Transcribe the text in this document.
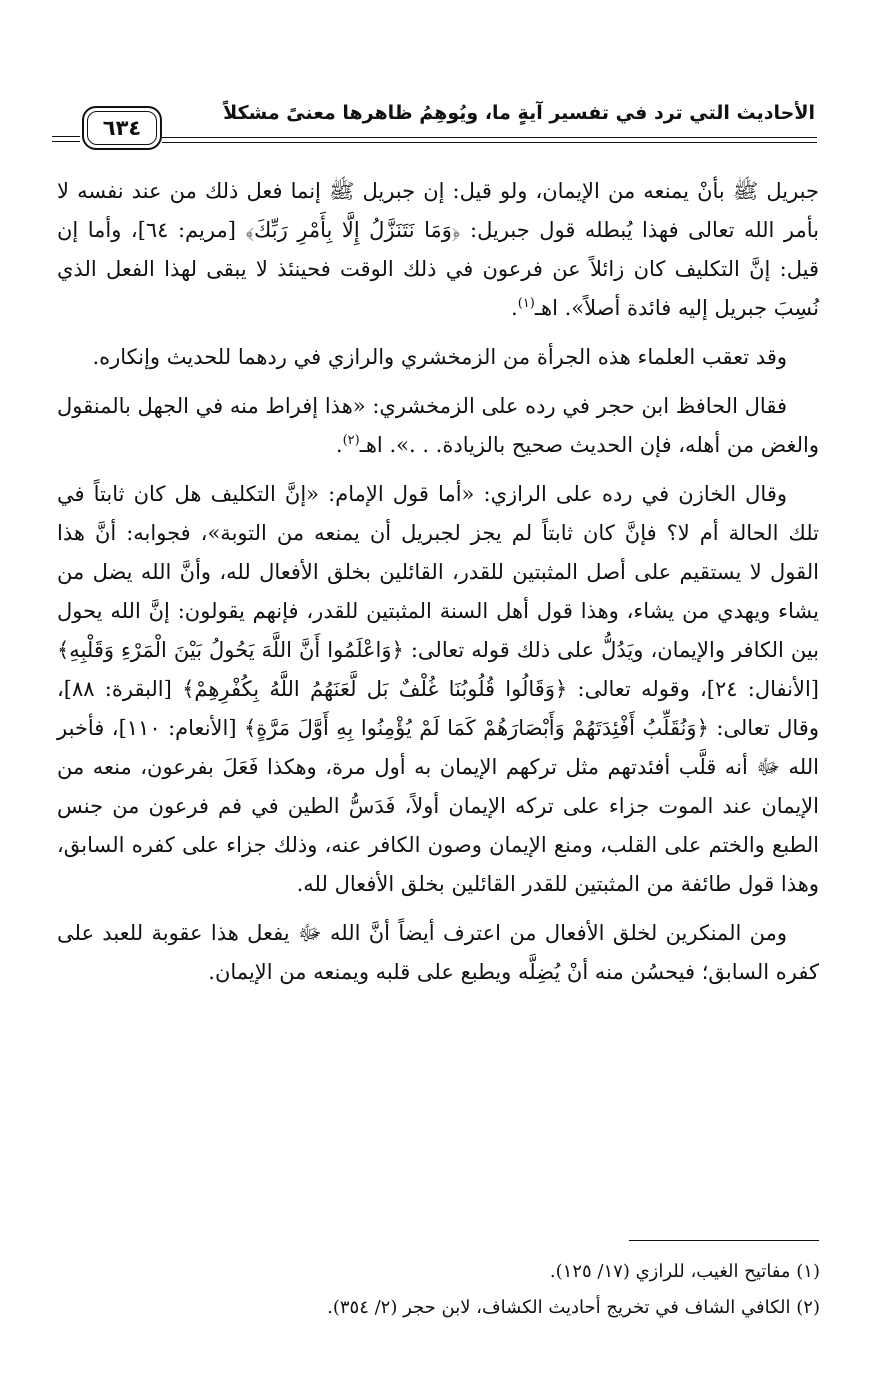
الأحاديث التي ترد في تفسير آيةٍ ما، ويُوهِمُ ظاهرها معنىً مشكلاً
٦٣٤

جبريل ﷺ بأنْ يمنعه من الإيمان، ولو قيل: إن جبريل ﷺ إنما فعل ذلك من عند نفسه لا بأمر الله تعالى فهذا يُبطله قول جبريل: ﴿وَمَا نَتَنَزَّلُ إِلَّا بِأَمْرِ رَبِّكَ﴾ [مريم: ٦٤]، وأما إن قيل: إنَّ التكليف كان زائلاً عن فرعون في ذلك الوقت فحينئذ لا يبقى لهذا الفعل الذي نُسِبَ جبريل إليه فائدة أصلاً». اهـ$^{(١)}$.

وقد تعقب العلماء هذه الجرأة من الزمخشري والرازي في ردهما للحديث وإنكاره.

فقال الحافظ ابن حجر في رده على الزمخشري: «هذا إفراط منه في الجهل بالمنقول والغض من أهله، فإن الحديث صحيح بالزيادة. . .». اهـ$^{(٢)}$.

وقال الخازن في رده على الرازي: «أما قول الإمام: «إنَّ التكليف هل كان ثابتاً في تلك الحالة أم لا؟ فإنَّ كان ثابتاً لم يجز لجبريل أن يمنعه من التوبة»، فجوابه: أنَّ هذا القول لا يستقيم على أصل المثبتين للقدر، القائلين بخلق الأفعال لله، وأنَّ الله يضل من يشاء ويهدي من يشاء، وهذا قول أهل السنة المثبتين للقدر، فإنهم يقولون: إنَّ الله يحول بين الكافر والإيمان، ويَدُلُّ على ذلك قوله تعالى: ﴿وَاعْلَمُوا أَنَّ اللَّهَ يَحُولُ بَيْنَ الْمَرْءِ وَقَلْبِهِ﴾ [الأنفال: ٢٤]، وقوله تعالى: ﴿وَقَالُوا قُلُوبُنَا غُلْفٌ بَل لَّعَنَهُمُ اللَّهُ بِكُفْرِهِمْ﴾ [البقرة: ٨٨]، وقال تعالى: ﴿وَنُقَلِّبُ أَفْئِدَتَهُمْ وَأَبْصَارَهُمْ كَمَا لَمْ يُؤْمِنُوا بِهِ أَوَّلَ مَرَّةٍ﴾ [الأنعام: ١١٠]، فأخبر الله ﷻ أنه قلَّب أفئدتهم مثل تركهم الإيمان به أول مرة، وهكذا فَعَلَ بفرعون، منعه من الإيمان عند الموت جزاء على تركه الإيمان أولاً، فَدَسُّ الطين في فم فرعون من جنس الطبع والختم على القلب، ومنع الإيمان وصون الكافر عنه، وذلك جزاء على كفره السابق، وهذا قول طائفة من المثبتين للقدر القائلين بخلق الأفعال لله.

ومن المنكرين لخلق الأفعال من اعترف أيضاً أنَّ الله ﷻ يفعل هذا عقوبة للعبد على كفره السابق؛ فيحسُن منه أنْ يُضِلَّه ويطبع على قلبه ويمنعه من الإيمان.

(١) مفاتيح الغيب، للرازي (١٧/ ١٢٥).

(٢) الكافي الشاف في تخريج أحاديث الكشاف، لابن حجر (٢/ ٣٥٤).
